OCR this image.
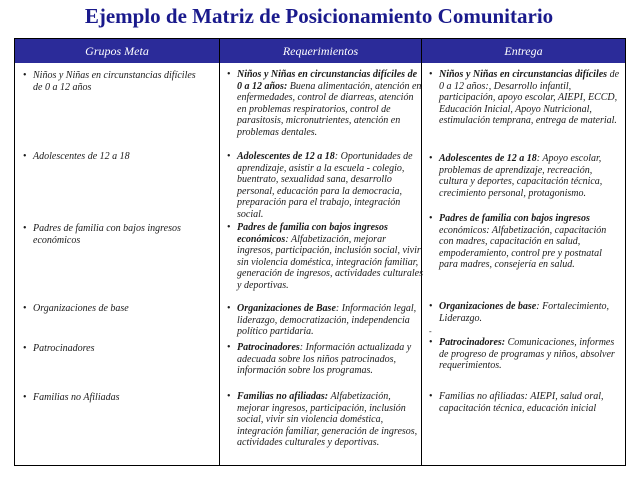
Ejemplo de Matriz de Posicionamiento Comunitario
Grupos Meta	Requerimientos	Entrega
• Niños y Niñas en circunstancias difíciles de 0 a 12 años
• Adolescentes de 12 a 18
• Padres de familia con bajos ingresos económicos
• Organizaciones de base
• Patrocinadores
• Familias no Afiliadas
• Niños y Niñas en circunstancias difíciles de 0 a 12 años: Buena alimentación, atención en enfermedades, control de diarreas, atención en problemas respiratorios, control de parasitosis, micronutrientes, atención en problemas dentales.
• Adolescentes de 12 a 18: Oportunidades de aprendizaje, asistir a la escuela - colegio, buentrato, sexualidad sana, desarrollo personal, educación para la democracia, preparación para el trabajo, integración social.
• Padres de familia con bajos ingresos económicos: Alfabetización, mejorar ingresos, participación, inclusión social, vivir sin violencia doméstica, integración familiar, generación de ingresos, actividades culturales y deportivas.
• Organizaciones de Base: Información legal, liderazgo, democratización, independencia político partidaria.
• Patrocinadores: Información actualizada y adecuada sobre los niños patrocinados, información sobre los programas.
• Familias no afiliadas: Alfabetización, mejorar ingresos, participación, inclusión social, vivir sin violencia doméstica, integración familiar, generación de ingresos, actividades culturales y deportivas.
• Niños y Niñas en circunstancias difíciles de 0 a 12 años:, Desarrollo infantil, participación, apoyo escolar, AIEPI, ECCD, Educación Inicial, Apoyo Nutricional, estimulación temprana, entrega de material.
• Adolescentes de 12 a 18: Apoyo escolar, problemas de aprendizaje, recreación, cultura y deportes, capacitación técnica, crecimiento personal, protagonismo.
• Padres de familia con bajos ingresos económicos: Alfabetización, capacitación con madres, capacitación en salud, empoderamiento, control pre y postnatal para madres, consejería en salud.
• Organizaciones de base: Fortalecimiento, Liderazgo.
-
• Patrocinadores: Comunicaciones, informes de progreso de programas y niños, absolver requerimientos.
• Familias no afiliadas: AIEPI, salud oral, capacitación técnica, educación inicial
